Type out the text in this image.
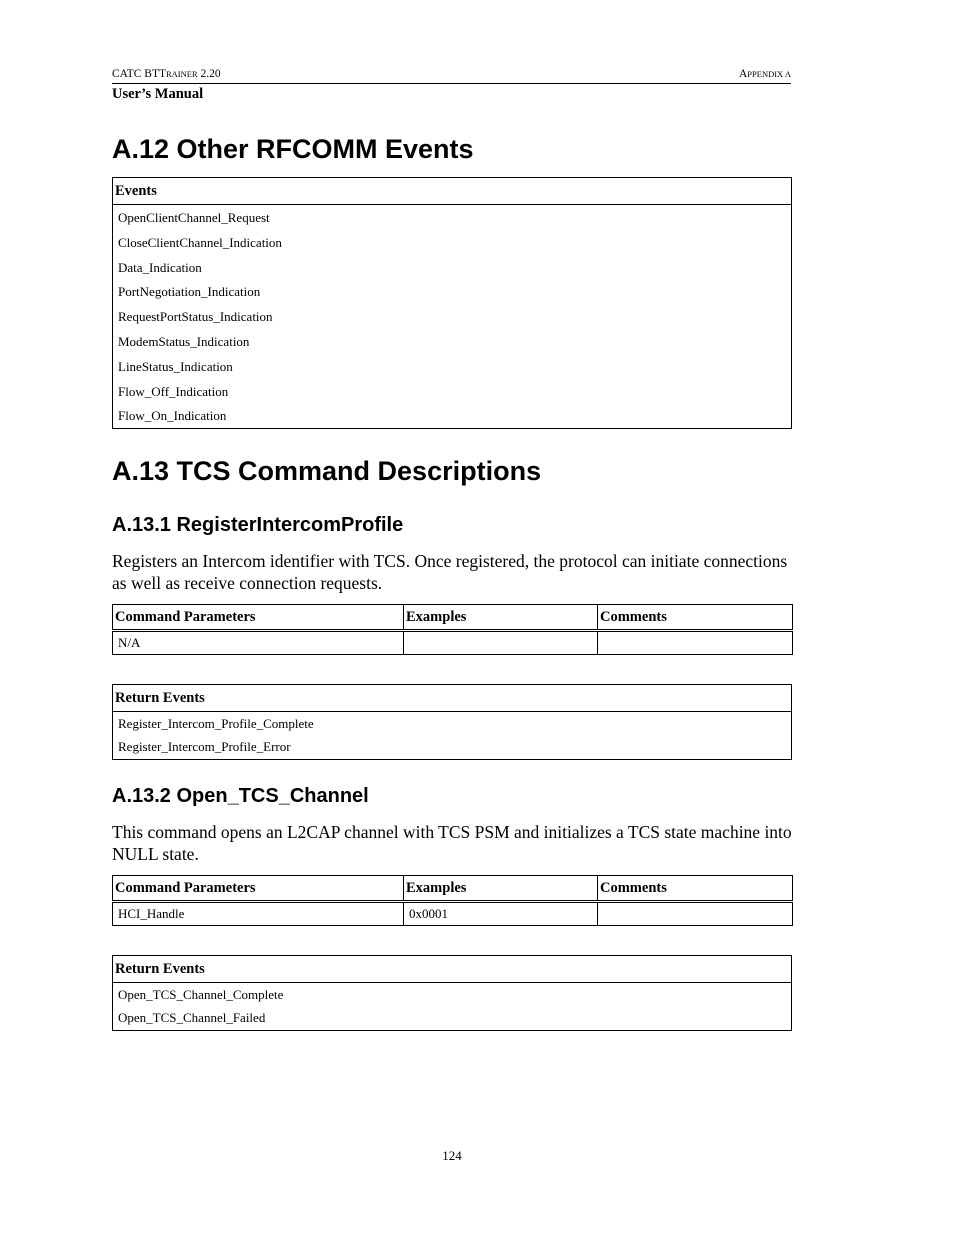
CATC BTTRAINER 2.20	APPENDIX A
User’s Manual
A.12 Other RFCOMM Events
Events
OpenClientChannel_Request
CloseClientChannel_Indication
Data_Indication
PortNegotiation_Indication
RequestPortStatus_Indication
ModemStatus_Indication
LineStatus_Indication
Flow_Off_Indication
Flow_On_Indication
A.13 TCS Command Descriptions
A.13.1 RegisterIntercomProfile

Registers an Intercom identifier with TCS. Once registered, the protocol can initiate connections as well as receive connection requests.

Command Parameters	Examples	Comments
N/A		
Return Events
Register_Intercom_Profile_Complete
Register_Intercom_Profile_Error
A.13.2 Open_TCS_Channel

This command opens an L2CAP channel with TCS PSM and initializes a TCS state machine into NULL state.

Command Parameters	Examples	Comments
HCI_Handle	0x0001	
Return Events
Open_TCS_Channel_Complete
Open_TCS_Channel_Failed
124
